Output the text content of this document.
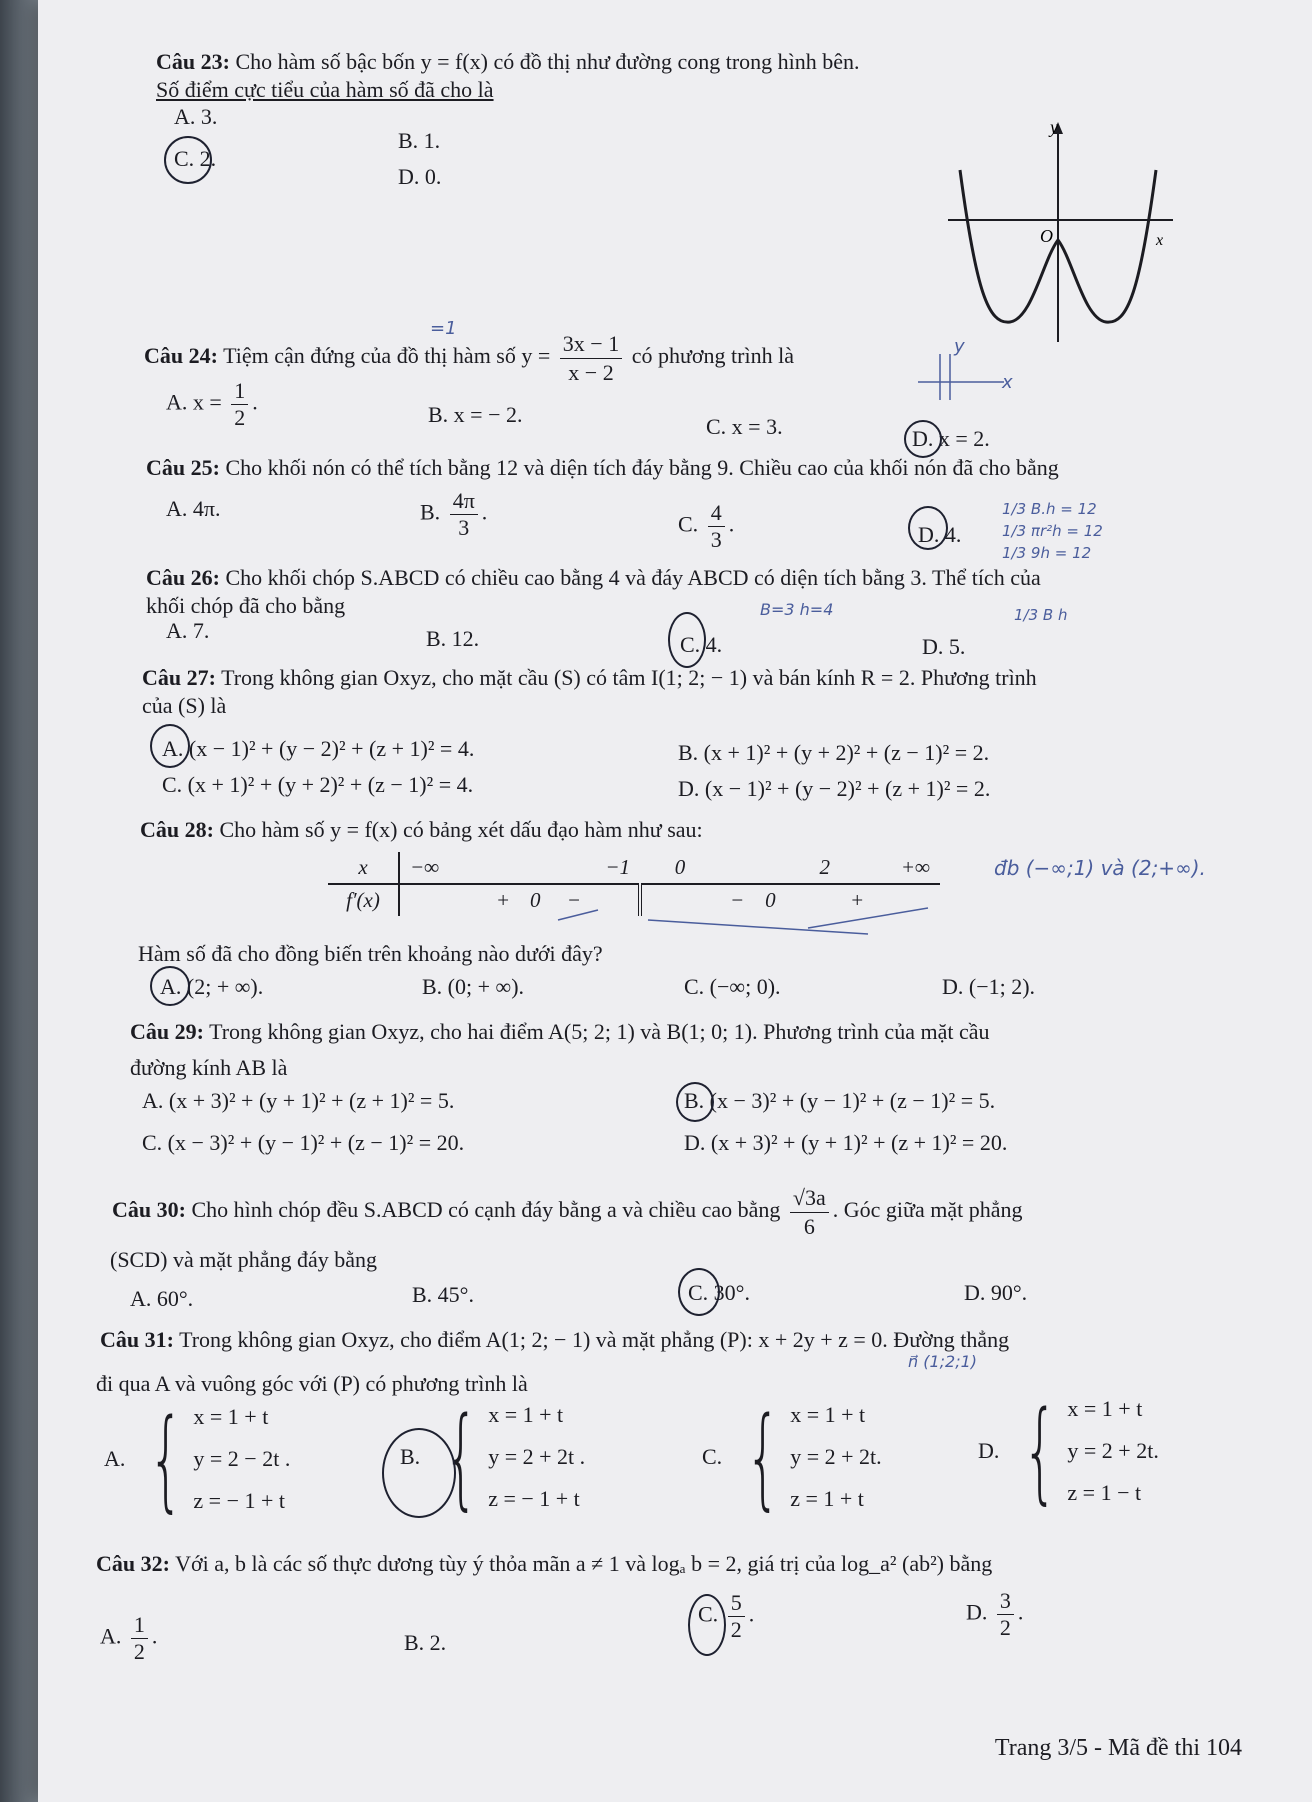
Câu 23: Cho hàm số bậc bốn y = f(x) có đồ thị như đường cong trong hình bên.
Số điểm cực tiểu của hàm số đã cho là
A. 3.
B. 1.
C. 2.
D. 0.
y
x
O
Câu 24: Tiệm cận đứng của đồ thị hàm số $y = \frac{3x - 1}{x - 2}$ có phương trình là
=1
y
x
A. $x = \frac{1}{2}$ .	B. x = − 2.	C. x = 3.	D. x = 2.
Câu 25: Cho khối nón có thể tích bằng 12 và diện tích đáy bằng 9. Chiều cao của khối nón đã cho bằng
A. 4π.	B. $\frac{4\pi}{3}$ .	C. $\frac{4}{3}$ .	D. 4.
1/3 B.h = 12
1/3 πr²h = 12
1/3 9h = 12
Câu 26: Cho khối chóp S.ABCD có chiều cao bằng 4 và đáy ABCD có diện tích bằng 3. Thể tích của
khối chóp đã cho bằng
A. 7.	B. 12.	C. 4.	D. 5.
B=3 h=4	1/3 B h
Câu 27: Trong không gian Oxyz, cho mặt cầu (S) có tâm I(1; 2; − 1) và bán kính R = 2. Phương trình
của (S) là
A. (x − 1)² + (y − 2)² + (z + 1)² = 4.	B. (x + 1)² + (y + 2)² + (z − 1)² = 2.
C. (x + 1)² + (y + 2)² + (z − 1)² = 4.	D. (x − 1)² + (y − 2)² + (z + 1)² = 2.
Câu 28: Cho hàm số y = f(x) có bảng xét dấu đạo hàm như sau:
x	−∞	−1	0	2	+∞
f′(x)	+	0 −		− 0	+
đb (−∞;1) và (2;+∞).
Hàm số đã cho đồng biến trên khoảng nào dưới đây?
A. (2; + ∞).	B. (0; + ∞).	C. (−∞; 0).	D. (−1; 2).
Câu 29: Trong không gian Oxyz, cho hai điểm A(5; 2; 1) và B(1; 0; 1). Phương trình của mặt cầu
đường kính AB là
A. (x + 3)² + (y + 1)² + (z + 1)² = 5.	B. (x − 3)² + (y − 1)² + (z − 1)² = 5.
C. (x − 3)² + (y − 1)² + (z − 1)² = 20.	D. (x + 3)² + (y + 1)² + (z + 1)² = 20.
Câu 30: Cho hình chóp đều S.ABCD có cạnh đáy bằng a và chiều cao bằng $\frac{√3a}{6}$ . Góc giữa mặt phẳng
(SCD) và mặt phẳng đáy bằng
A. 60°.	B. 45°.	C. 30°.	D. 90°.
Câu 31: Trong không gian Oxyz, cho điểm A(1; 2; − 1) và mặt phẳng (P): x + 2y + z = 0. Đường thẳng
n⃗ (1;2;1)
đi qua A và vuông góc với (P) có phương trình là
A. { x = 1 + t
y = 2 − 2t .
z = − 1 + t
B. { x = 1 + t
y = 2 + 2t .
z = − 1 + t
C. { x = 1 + t
y = 2 + 2t.
z = 1 + t
D. { x = 1 + t
y = 2 + 2t.
z = 1 − t
Câu 32: Với a, b là các số thực dương tùy ý thỏa mãn a ≠ 1 và logₐ b = 2, giá trị của log_a² (ab²) bằng
A. $\frac{1}{2}$ .	B. 2.
C. $\frac{5}{2}$ .	D. $\frac{3}{2}$ .
Trang 3/5 - Mã đề thi 104
